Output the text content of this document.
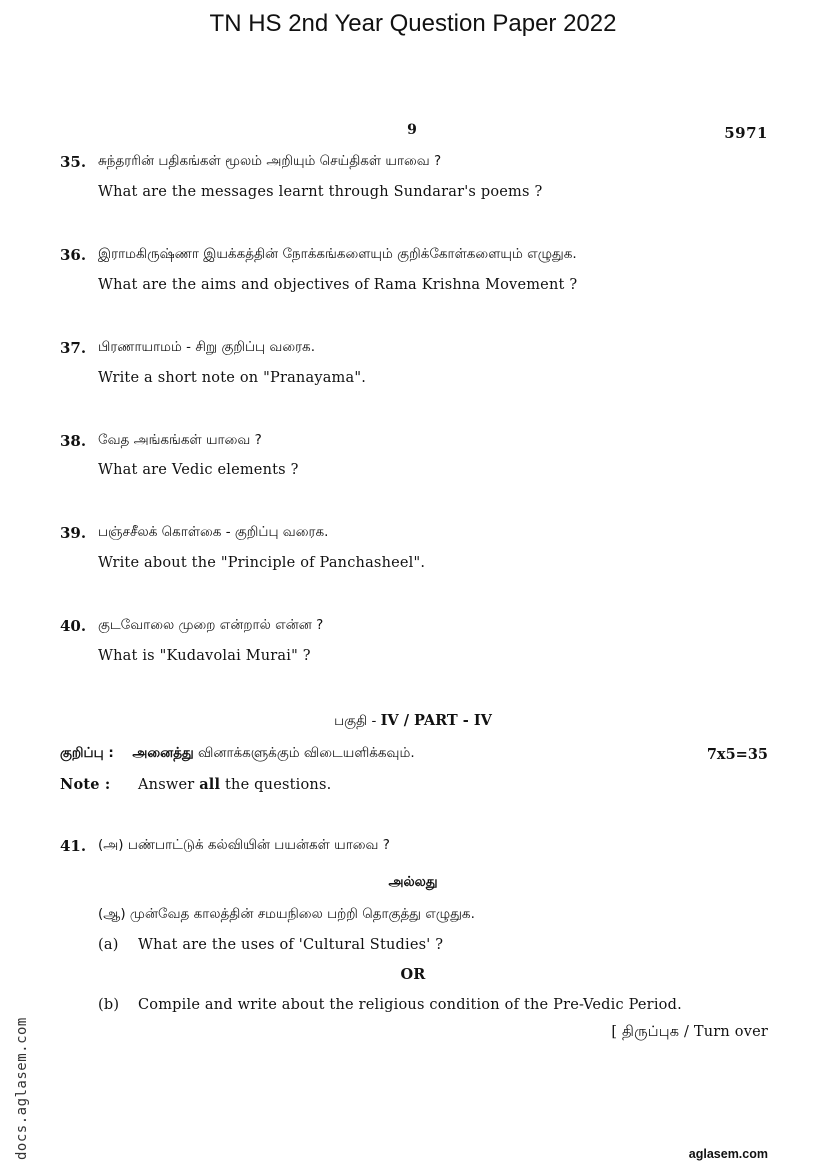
TN HS 2nd Year Question Paper 2022
9	5971
35. சுந்தரரின் பதிகங்கள் மூலம் அறியும் செய்திகள் யாவை ?
What are the messages learnt through Sundarar's poems ?
36. இராமகிருஷ்ணா இயக்கத்தின் நோக்கங்களையும் குறிக்கோள்களையும் எழுதுக.
What are the aims and objectives of Rama Krishna Movement ?
37. பிரணாயாமம் - சிறு குறிப்பு வரைக.
Write a short note on "Pranayama".
38. வேத அங்கங்கள் யாவை ?
What are Vedic elements ?
39. பஞ்சசீலக் கொள்கை - குறிப்பு வரைக.
Write about the "Principle of Panchasheel".
40. குடவோலை முறை என்றால் என்ன ?
What is "Kudavolai Murai" ?
பகுதி - IV / PART - IV
குறிப்பு : அனைத்து வினாக்களுக்கும் விடையளிக்கவும்.	7x5=35
Note : Answer all the questions.
41. (அ) பண்பாட்டுக் கல்வியின் பயன்கள் யாவை ?
அல்லது
(ஆ) முன்வேத காலத்தின் சமயநிலை பற்றி தொகுத்து எழுதுக.
(a) What are the uses of 'Cultural Studies' ?
OR
(b) Compile and write about the religious condition of the Pre-Vedic Period.
[ திருப்புக / Turn over
docs.aglasem.com	aglasem.com
